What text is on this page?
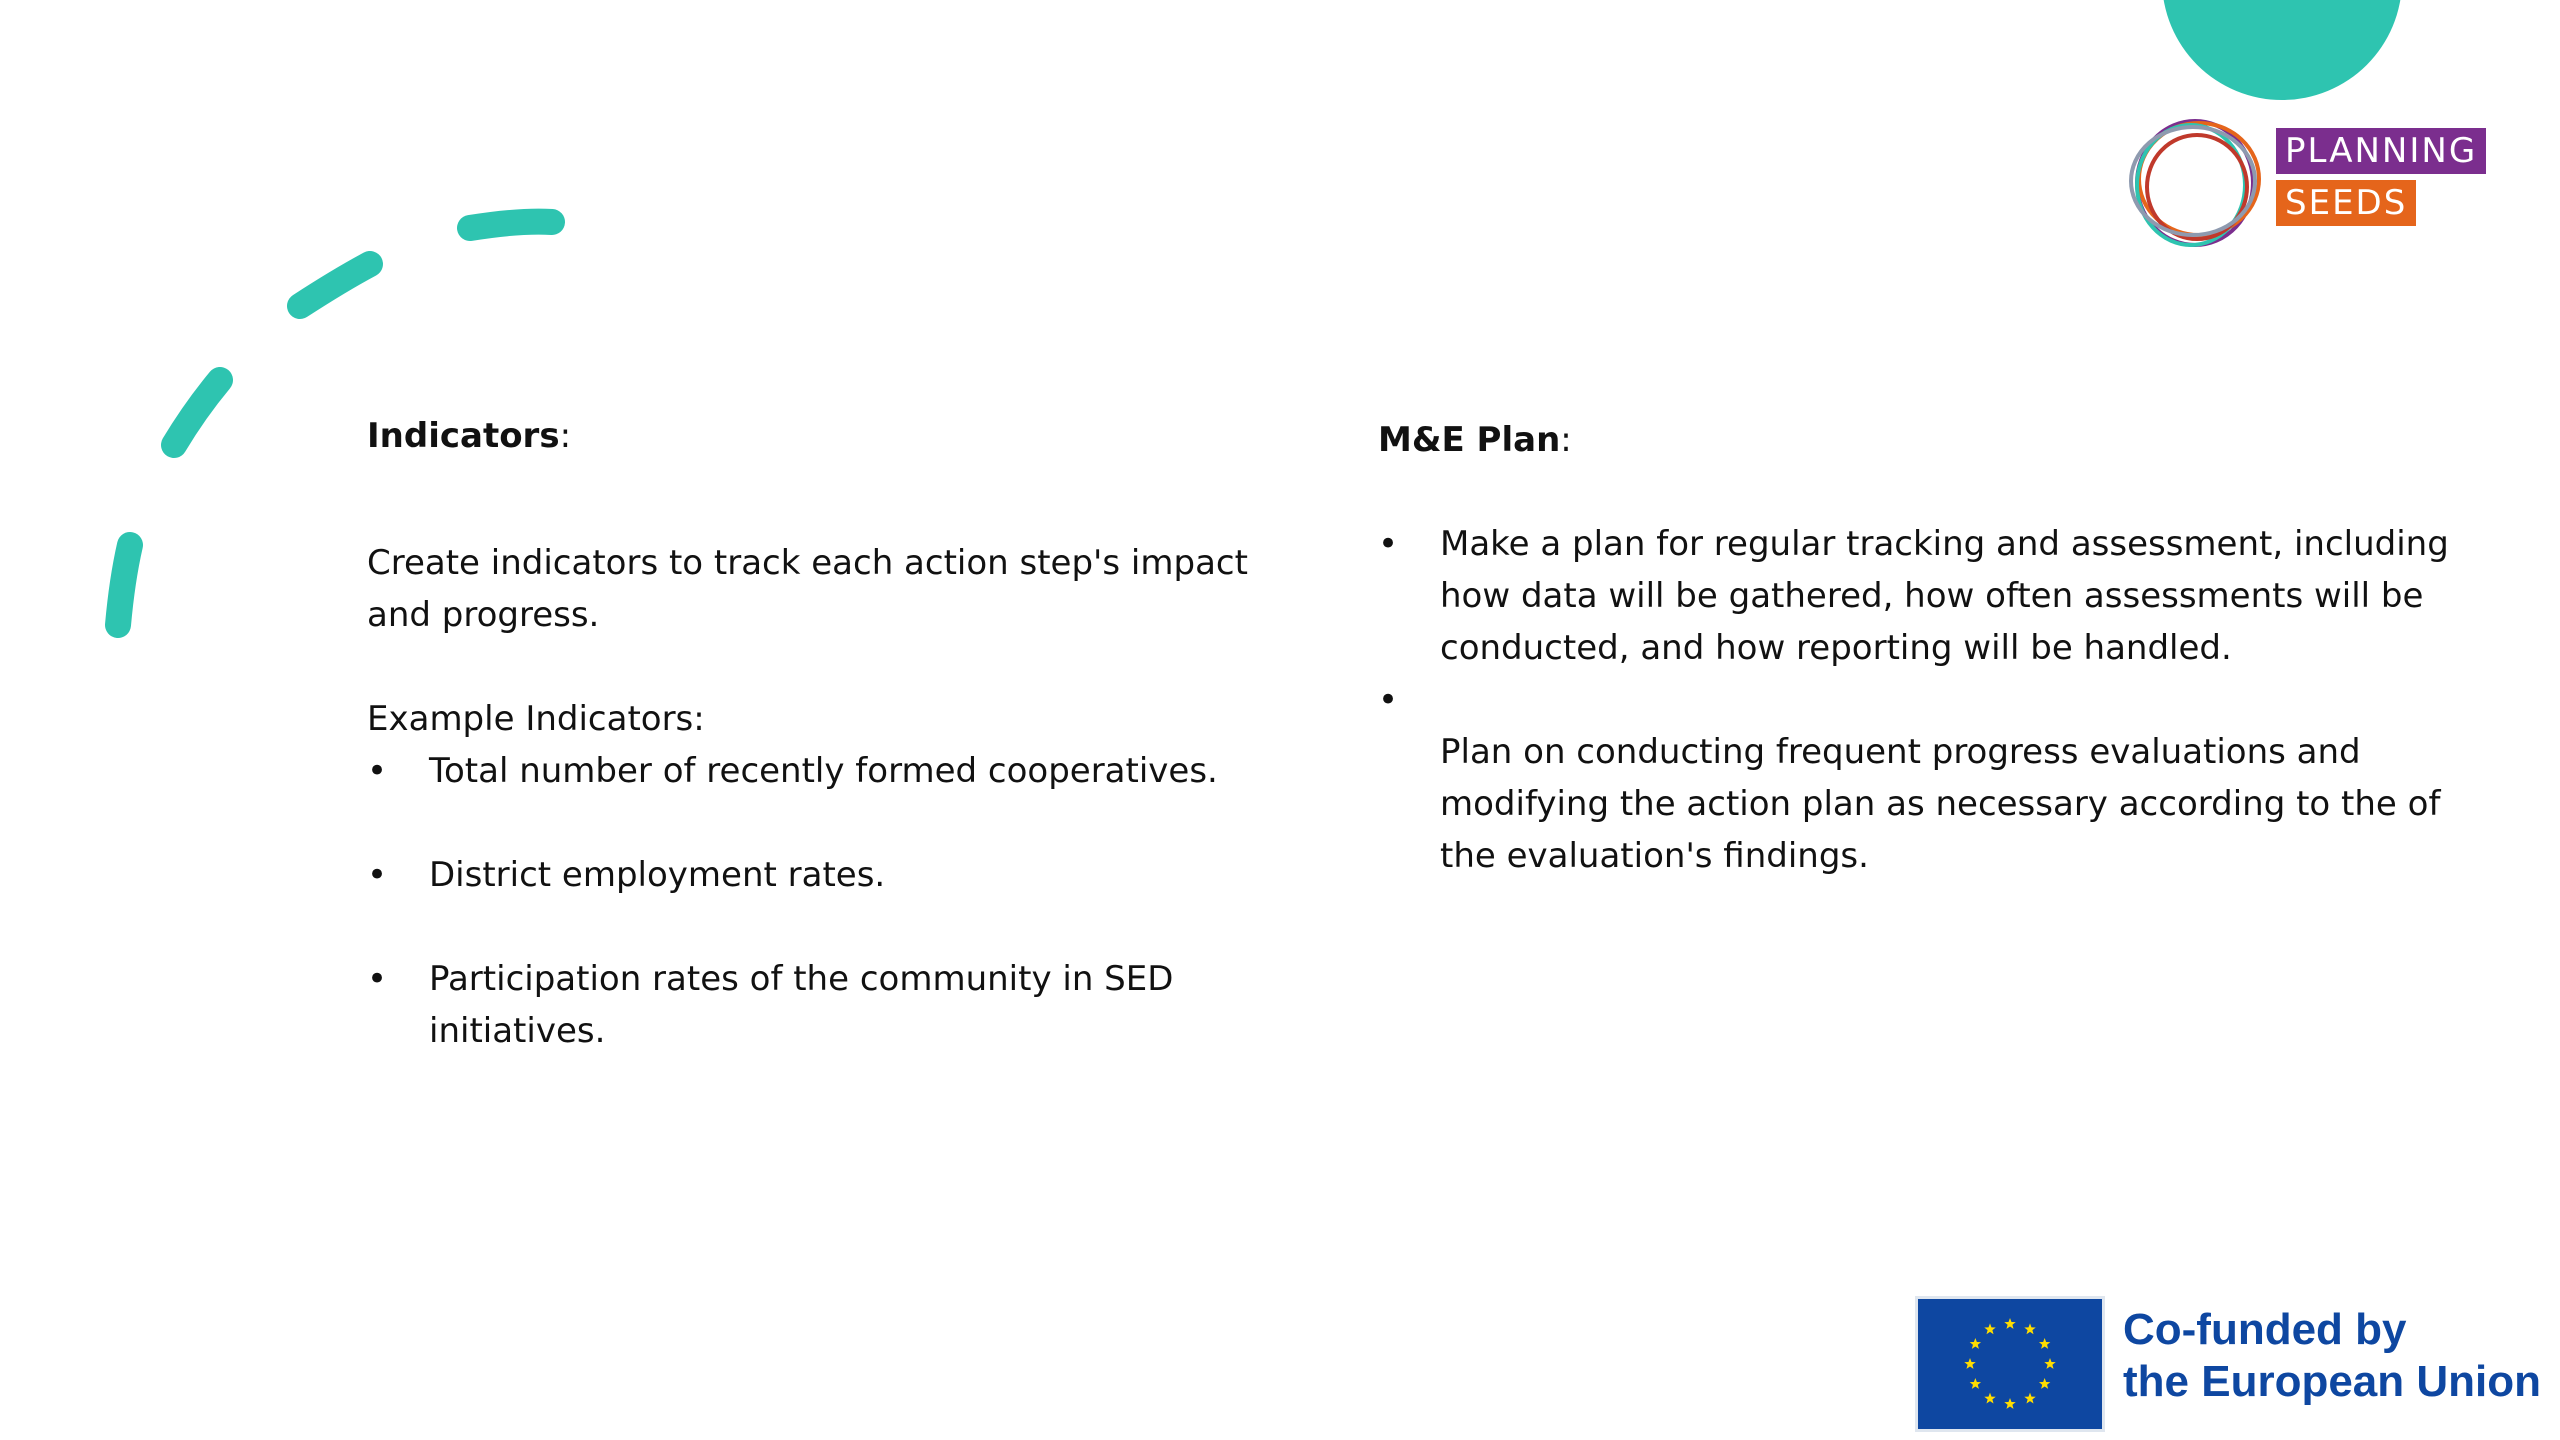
PLANNING
SEEDS

Indicators:

Create indicators to track each action step's impact and progress.

Example Indicators:

• Total number of recently formed cooperatives.
• District employment rates.
• Participation rates of the community in SED initiatives.

M&E Plan:

• Make a plan for regular tracking and assessment, including how data will be gathered, how often assessments will be conducted, and how reporting will be handled.
•

Plan on conducting frequent progress evaluations and modifying the action plan as necessary according to the of the evaluation's findings.
Co-funded by
the European Union
